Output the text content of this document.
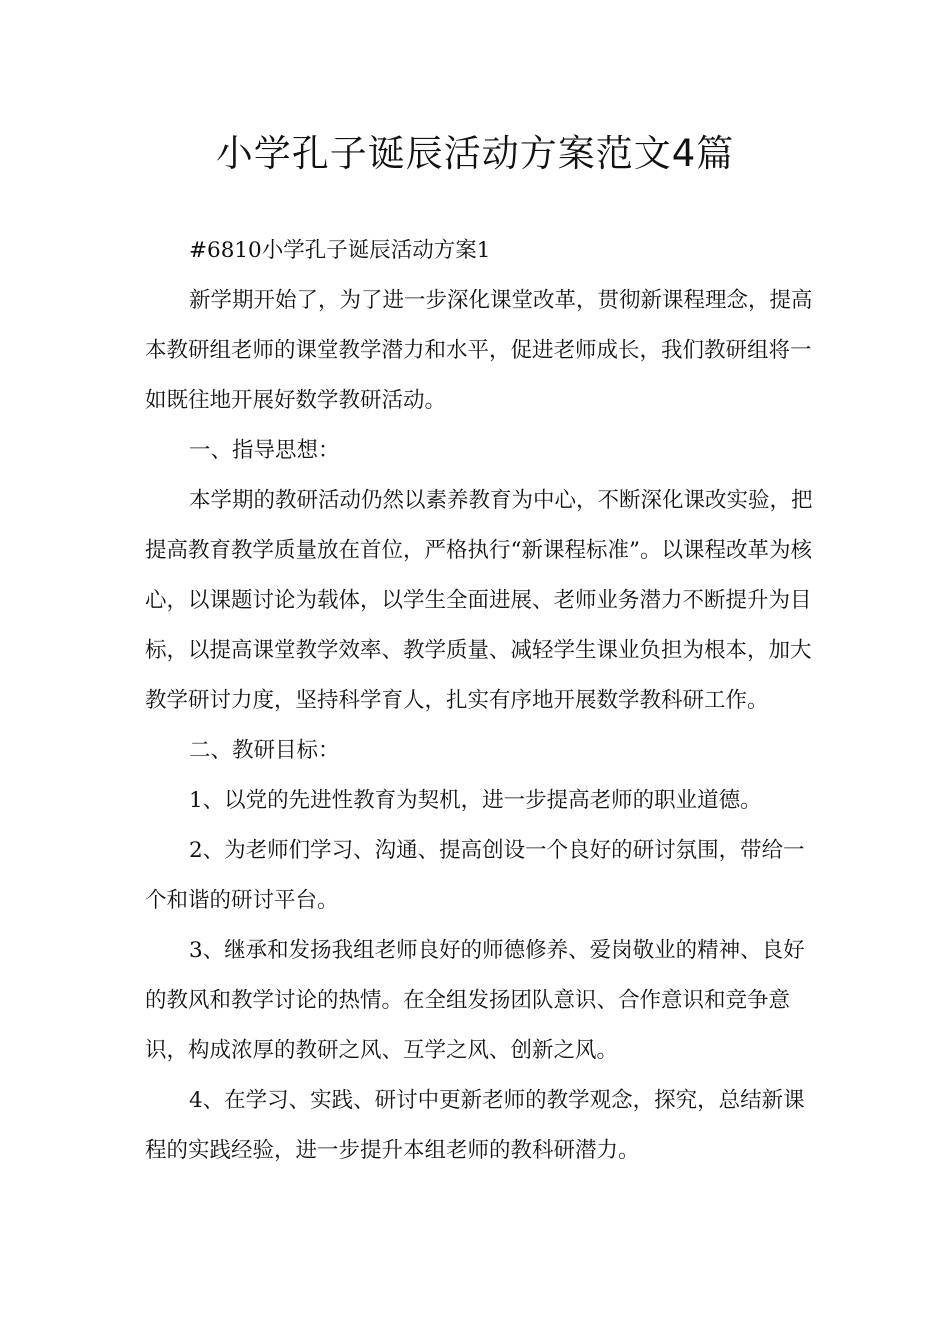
小学孔子诞辰活动方案范文4篇

#6810小学孔子诞辰活动方案1

新学期开始了，为了进一步深化课堂改革，贯彻新课程理念，提高本教研组老师的课堂教学潜力和水平，促进老师成长，我们教研组将一如既往地开展好数学教研活动。

一、指导思想：

本学期的教研活动仍然以素养教育为中心，不断深化课改实验，把提高教育教学质量放在首位，严格执行“新课程标准”。以课程改革为核心，以课题讨论为载体，以学生全面进展、老师业务潜力不断提升为目标，以提高课堂教学效率、教学质量、减轻学生课业负担为根本，加大教学研讨力度，坚持科学育人，扎实有序地开展数学教科研工作。

二、教研目标：

1、以党的先进性教育为契机，进一步提高老师的职业道德。

2、为老师们学习、沟通、提高创设一个良好的研讨氛围，带给一个和谐的研讨平台。

3、继承和发扬我组老师良好的师德修养、爱岗敬业的精神、良好的教风和教学讨论的热情。在全组发扬团队意识、合作意识和竞争意识，构成浓厚的教研之风、互学之风、创新之风。

4、在学习、实践、研讨中更新老师的教学观念，探究，总结新课程的实践经验，进一步提升本组老师的教科研潜力。
